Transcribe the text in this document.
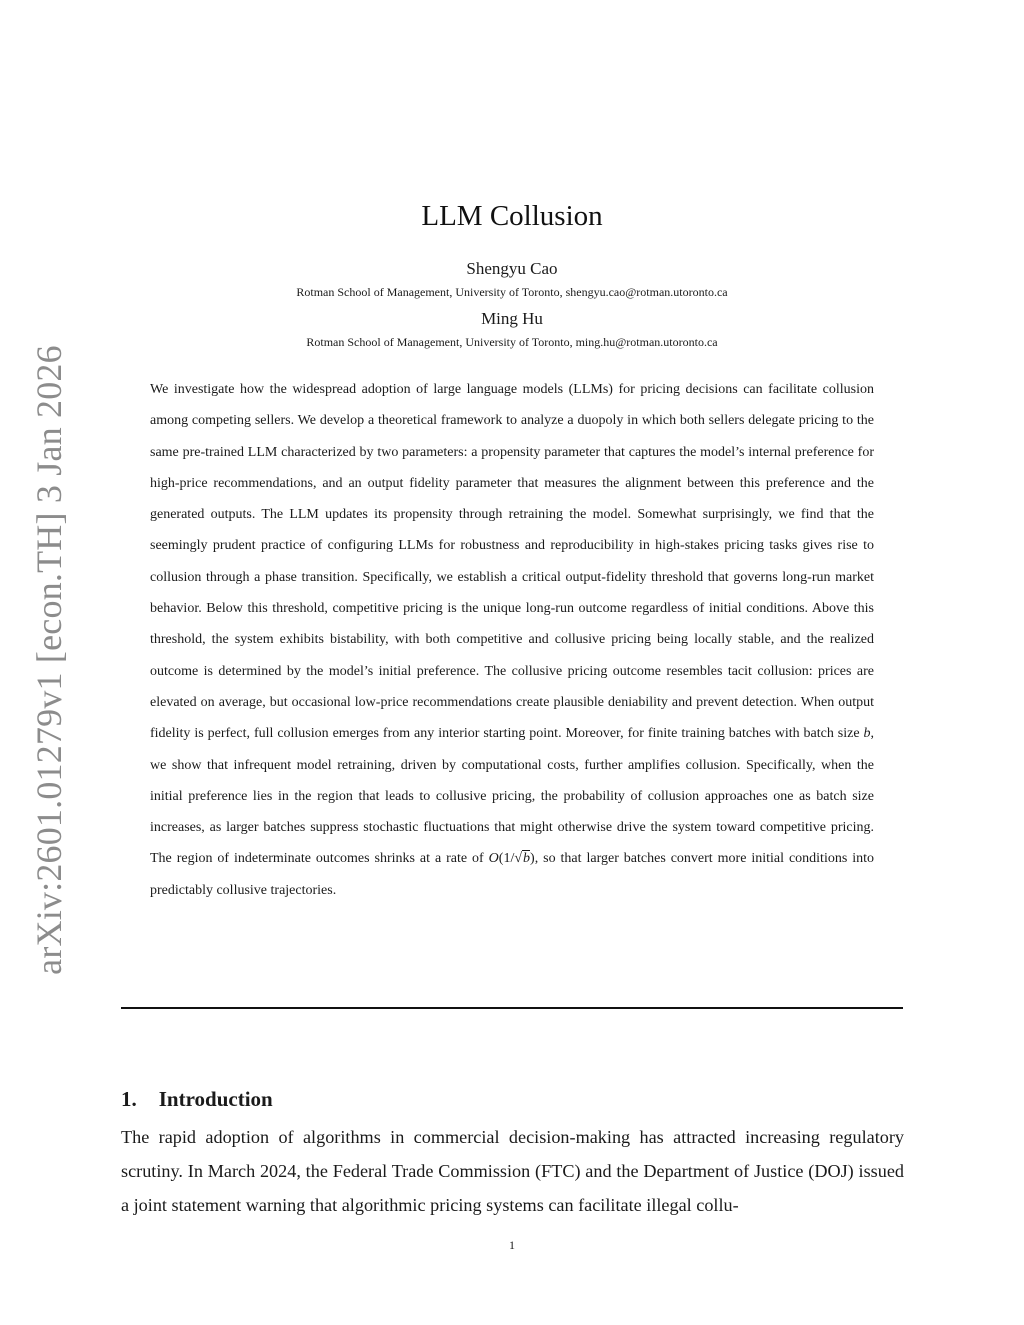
arXiv:2601.01279v1 [econ.TH] 3 Jan 2026
LLM Collusion
Shengyu Cao
Rotman School of Management, University of Toronto, shengyu.cao@rotman.utoronto.ca
Ming Hu
Rotman School of Management, University of Toronto, ming.hu@rotman.utoronto.ca

We investigate how the widespread adoption of large language models (LLMs) for pricing decisions can facilitate collusion among competing sellers. We develop a theoretical framework to analyze a duopoly in which both sellers delegate pricing to the same pre-trained LLM characterized by two parameters: a propensity parameter that captures the model’s internal preference for high-price recommendations, and an output fidelity parameter that measures the alignment between this preference and the generated outputs. The LLM updates its propensity through retraining the model. Somewhat surprisingly, we find that the seemingly prudent practice of configuring LLMs for robustness and reproducibility in high-stakes pricing tasks gives rise to collusion through a phase transition. Specifically, we establish a critical output-fidelity threshold that governs long-run market behavior. Below this threshold, competitive pricing is the unique long-run outcome regardless of initial conditions. Above this threshold, the system exhibits bistability, with both competitive and collusive pricing being locally stable, and the realized outcome is determined by the model’s initial preference. The collusive pricing outcome resembles tacit collusion: prices are elevated on average, but occasional low-price recommendations create plausible deniability and prevent detection. When output fidelity is perfect, full collusion emerges from any interior starting point. Moreover, for finite training batches with batch size b, we show that infrequent model retraining, driven by computational costs, further amplifies collusion. Specifically, when the initial preference lies in the region that leads to collusive pricing, the probability of collusion approaches one as batch size increases, as larger batches suppress stochastic fluctuations that might otherwise drive the system toward competitive pricing. The region of indeterminate outcomes shrinks at a rate of O(1/√b), so that larger batches convert more initial conditions into predictably collusive trajectories.

1. Introduction

The rapid adoption of algorithms in commercial decision-making has attracted increasing regulatory scrutiny. In March 2024, the Federal Trade Commission (FTC) and the Department of Justice (DOJ) issued a joint statement warning that algorithmic pricing systems can facilitate illegal collu-

1
